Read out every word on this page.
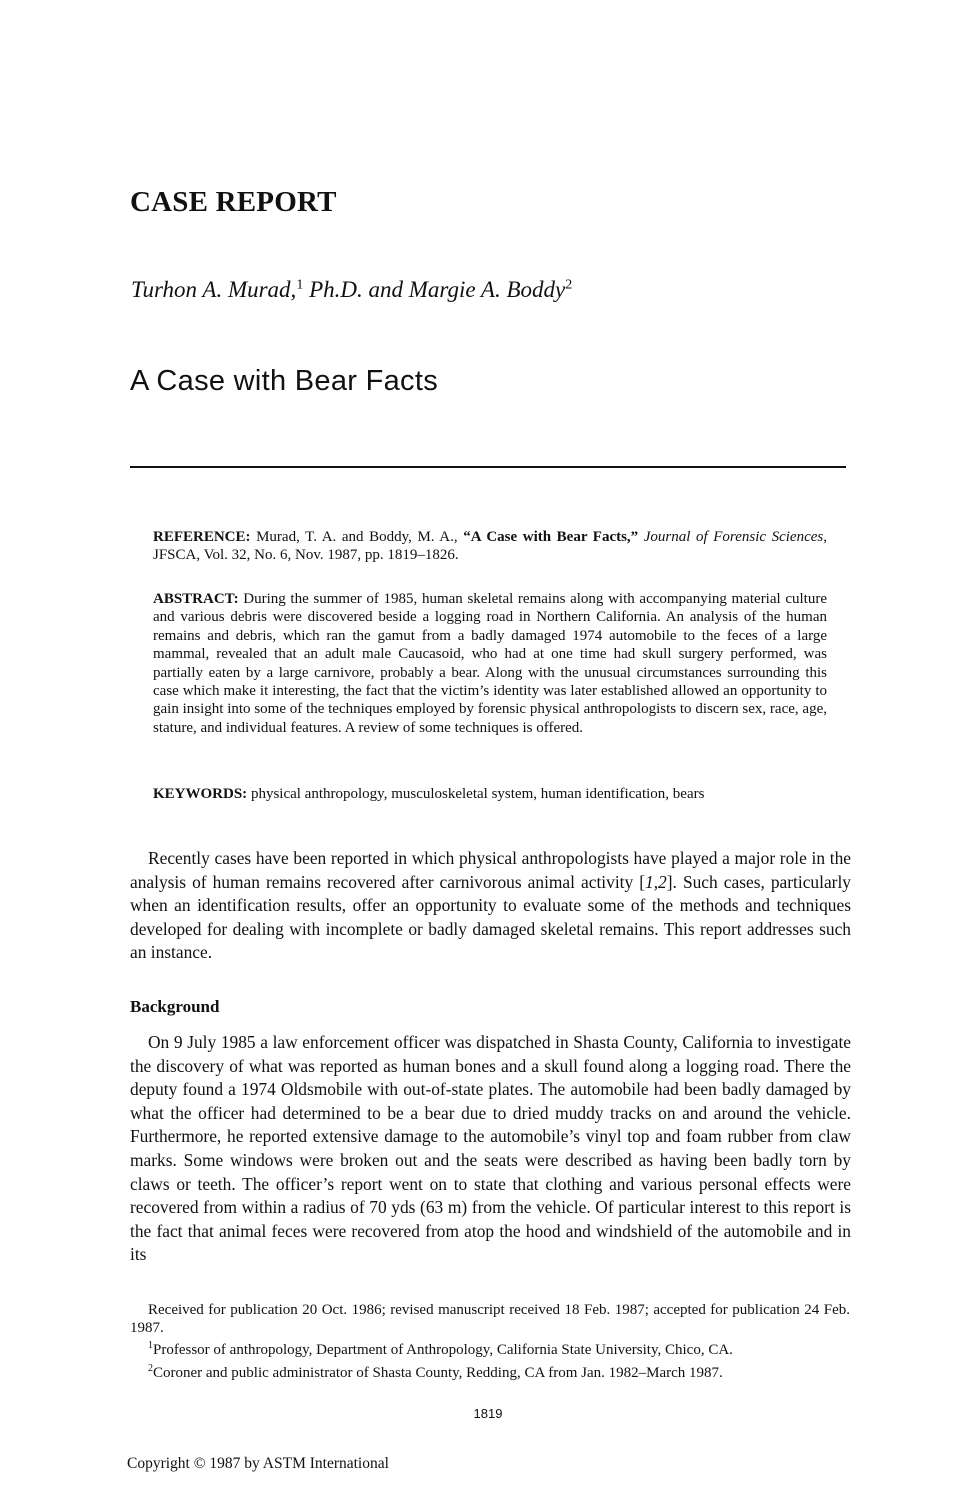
CASE REPORT
Turhon A. Murad,$^1$ Ph.D. and Margie A. Boddy$^2$
A Case with Bear Facts
REFERENCE: Murad, T. A. and Boddy, M. A., “A Case with Bear Facts,” Journal of Forensic Sciences, JFSCA, Vol. 32, No. 6, Nov. 1987, pp. 1819–1826.
ABSTRACT: During the summer of 1985, human skeletal remains along with accompanying material culture and various debris were discovered beside a logging road in Northern California. An analysis of the human remains and debris, which ran the gamut from a badly damaged 1974 automobile to the feces of a large mammal, revealed that an adult male Caucasoid, who had at one time had skull surgery performed, was partially eaten by a large carnivore, probably a bear. Along with the unusual circumstances surrounding this case which make it interesting, the fact that the victim’s identity was later established allowed an opportunity to gain insight into some of the techniques employed by forensic physical anthropologists to discern sex, race, age, stature, and individual features. A review of some techniques is offered.
KEYWORDS: physical anthropology, musculoskeletal system, human identification, bears

Recently cases have been reported in which physical anthropologists have played a major role in the analysis of human remains recovered after carnivorous animal activity [1,2]. Such cases, particularly when an identification results, offer an opportunity to evaluate some of the methods and techniques developed for dealing with incomplete or badly damaged skeletal remains. This report addresses such an instance.

Background

On 9 July 1985 a law enforcement officer was dispatched in Shasta County, California to investigate the discovery of what was reported as human bones and a skull found along a logging road. There the deputy found a 1974 Oldsmobile with out-of-state plates. The automobile had been badly damaged by what the officer had determined to be a bear due to dried muddy tracks on and around the vehicle. Furthermore, he reported extensive damage to the automobile’s vinyl top and foam rubber from claw marks. Some windows were broken out and the seats were described as having been badly torn by claws or teeth. The officer’s report went on to state that clothing and various personal effects were recovered from within a radius of 70 yds (63 m) from the vehicle. Of particular interest to this report is the fact that animal feces were recovered from atop the hood and windshield of the automobile and in its

Received for publication 20 Oct. 1986; revised manuscript received 18 Feb. 1987; accepted for publication 24 Feb. 1987.

$^1$Professor of anthropology, Department of Anthropology, California State University, Chico, CA.

$^2$Coroner and public administrator of Shasta County, Redding, CA from Jan. 1982–March 1987.

1819
Copyright © 1987 by ASTM International
